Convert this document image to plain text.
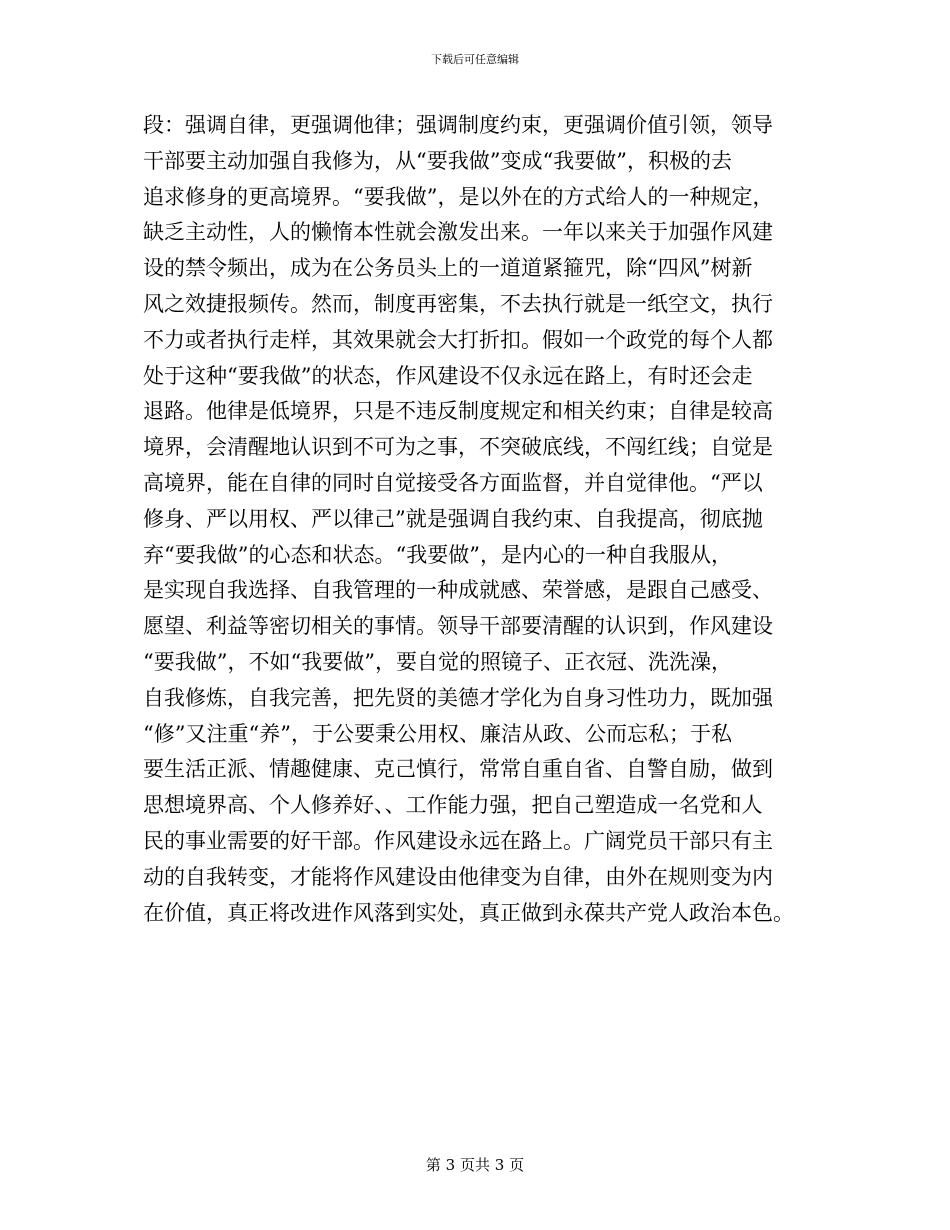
下载后可任意编辑
段：强调自律，更强调他律；强调制度约束，更强调价值引领，领导
干部要主动加强自我修为，从“要我做”变成“我要做”，积极的去
追求修身的更高境界。“要我做”，是以外在的方式给人的一种规定，
缺乏主动性，人的懒惰本性就会激发出来。一年以来关于加强作风建
设的禁令频出，成为在公务员头上的一道道紧箍咒，除“四风”树新
风之效捷报频传。然而，制度再密集，不去执行就是一纸空文，执行
不力或者执行走样，其效果就会大打折扣。假如一个政党的每个人都
处于这种“要我做”的状态，作风建设不仅永远在路上，有时还会走
退路。他律是低境界，只是不违反制度规定和相关约束；自律是较高
境界，会清醒地认识到不可为之事，不突破底线，不闯红线；自觉是
高境界，能在自律的同时自觉接受各方面监督，并自觉律他。“严以
修身、严以用权、严以律己”就是强调自我约束、自我提高，彻底抛
弃“要我做”的心态和状态。“我要做”，是内心的一种自我服从，
是实现自我选择、自我管理的一种成就感、荣誉感，是跟自己感受、
愿望、利益等密切相关的事情。领导干部要清醒的认识到，作风建设
“要我做”，不如“我要做”，要自觉的照镜子、正衣冠、洗洗澡，
自我修炼，自我完善，把先贤的美德才学化为自身习性功力，既加强
“修”又注重“养”，于公要秉公用权、廉洁从政、公而忘私；于私
要生活正派、情趣健康、克己慎行，常常自重自省、自警自励，做到
思想境界高、个人修养好、、工作能力强，把自己塑造成一名党和人
民的事业需要的好干部。作风建设永远在路上。广阔党员干部只有主
动的自我转变，才能将作风建设由他律变为自律，由外在规则变为内
在价值，真正将改进作风落到实处，真正做到永葆共产党人政治本色。
第 3 页共 3 页
